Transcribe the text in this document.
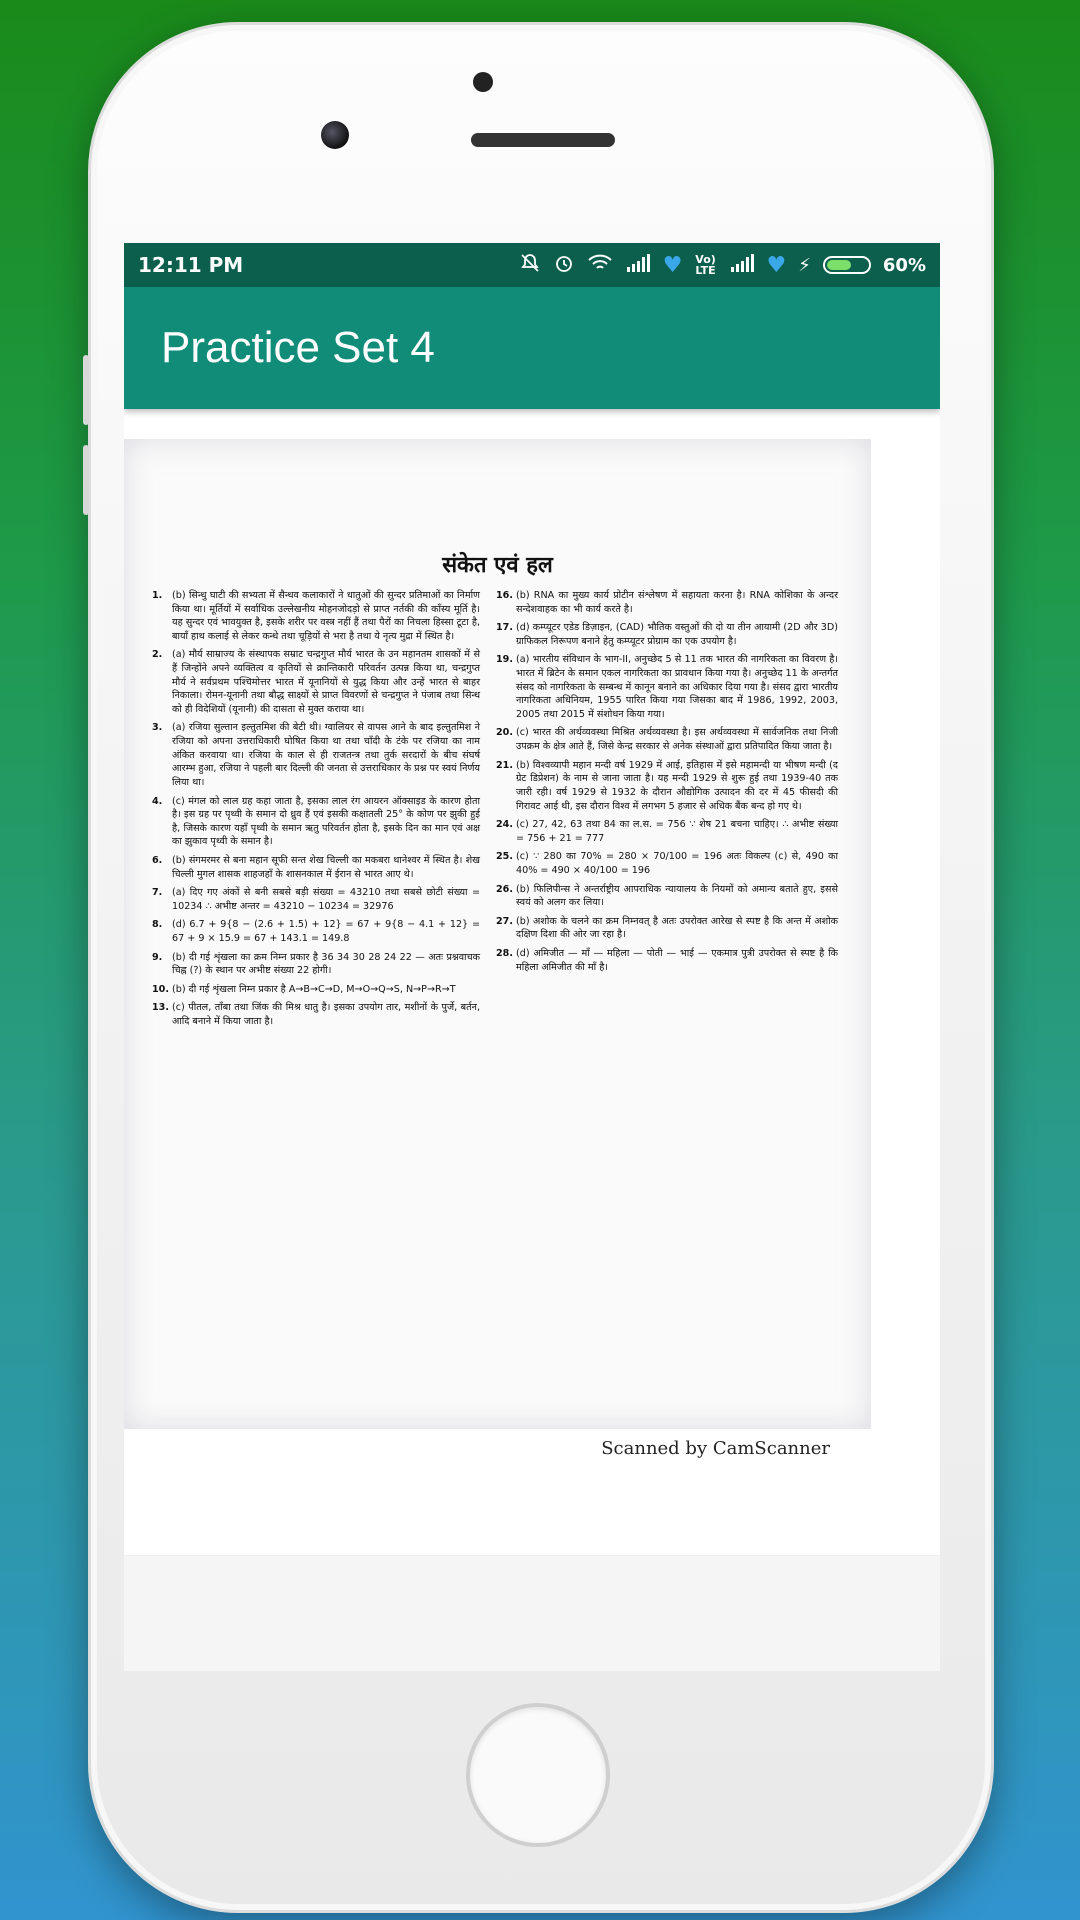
12:11 PM	♥ Vo) LTE ♥ ⚡	60%
Practice Set 4
संकेत एवं हल
1.	(b) सिन्धु घाटी की सभ्यता में सैन्धव कलाकारों ने धातुओं की सुन्दर प्रतिमाओं का निर्माण किया था। मूर्तियों में सर्वाधिक उल्लेखनीय मोहनजोदड़ो से प्राप्त नर्तकी की काँस्य मूर्ति है। यह सुन्दर एवं भावयुक्त है, इसके शरीर पर वस्त्र नहीं हैं तथा पैरों का निचला हिस्सा टूटा है, बायाँ हाथ कलाई से लेकर कन्धे तथा चूड़ियों से भरा है तथा ये नृत्य मुद्रा में स्थित है।
2.	(a) मौर्य साम्राज्य के संस्थापक सम्राट चन्द्रगुप्त मौर्य भारत के उन महानतम शासकों में से हैं जिन्होंने अपने व्यक्तित्व व कृतियों से क्रान्तिकारी परिवर्तन उत्पन्न किया था, चन्द्रगुप्त मौर्य ने सर्वप्रथम पश्चिमोत्तर भारत में यूनानियों से युद्ध किया और उन्हें भारत से बाहर निकाला। रोमन-यूनानी तथा बौद्ध साक्ष्यों से प्राप्त विवरणों से चन्द्रगुप्त ने पंजाब तथा सिन्ध को ही विदेशियों (यूनानी) की दासता से मुक्त कराया था।
3.	(a) रजिया सुल्तान इल्तुतमिश की बेटी थी। ग्वालियर से वापस आने के बाद इल्तुतमिश ने रजिया को अपना उत्तराधिकारी घोषित किया था तथा चाँदी के टंके पर रजिया का नाम अंकित करवाया था। रजिया के काल से ही राजतन्त्र तथा तुर्क सरदारों के बीच संघर्ष आरम्भ हुआ, रजिया ने पहली बार दिल्ली की जनता से उत्तराधिकार के प्रश्न पर स्वयं निर्णय लिया था।
4.	(c) मंगल को लाल ग्रह कहा जाता है, इसका लाल रंग आयरन ऑक्साइड के कारण होता है। इस ग्रह पर पृथ्वी के समान दो ध्रुव हैं एवं इसकी कक्षातली 25° के कोण पर झुकी हुई है, जिसके कारण यहाँ पृथ्वी के समान ऋतु परिवर्तन होता है, इसके दिन का मान एवं अक्ष का झुकाव पृथ्वी के समान है।
6.	(b) संगमरमर से बना महान सूफी सन्त शेख चिल्ली का मकबरा थानेश्वर में स्थित है। शेख चिल्ली मुगल शासक शाहजहाँ के शासनकाल में ईरान से भारत आए थे।
7.	(a) दिए गए अंकों से बनी सबसे बड़ी संख्या = 43210 तथा सबसे छोटी संख्या = 10234 ∴ अभीष्ट अन्तर = 43210 − 10234 = 32976
8.	(d) 6.7 + 9{8 − (2.6 + 1.5) + 12} = 67 + 9{8 − 4.1 + 12} = 67 + 9 × 15.9 = 67 + 143.1 = 149.8
9.	(b) दी गई शृंखला का क्रम निम्न प्रकार है 36 34 30 28 24 22 — अतः प्रश्नवाचक चिह्न (?) के स्थान पर अभीष्ट संख्या 22 होगी।
10. (b) दी गई शृंखला निम्न प्रकार है A→B→C→D, M→O→Q→S, N→P→R→T
13. (c) पीतल, ताँबा तथा जिंक की मिश्र धातु है। इसका उपयोग तार, मशीनों के पुर्जे, बर्तन, आदि बनाने में किया जाता है।
16. (b) RNA का मुख्य कार्य प्रोटीन संश्लेषण में सहायता करना है। RNA कोशिका के अन्दर सन्देशवाहक का भी कार्य करते है।
17. (d) कम्प्यूटर एडेड डिज़ाइन, (CAD) भौतिक वस्तुओं की दो या तीन आयामी (2D और 3D) ग्राफिकल निरूपण बनाने हेतु कम्प्यूटर प्रोग्राम का एक उपयोग है।
19. (a) भारतीय संविधान के भाग-II, अनुच्छेद 5 से 11 तक भारत की नागरिकता का विवरण है। भारत में ब्रिटेन के समान एकल नागरिकता का प्रावधान किया गया है। अनुच्छेद 11 के अन्तर्गत संसद को नागरिकता के सम्बन्ध में कानून बनाने का अधिकार दिया गया है। संसद द्वारा भारतीय नागरिकता अधिनियम, 1955 पारित किया गया जिसका बाद में 1986, 1992, 2003, 2005 तथा 2015 में संशोधन किया गया।
20. (c) भारत की अर्थव्यवस्था मिश्रित अर्थव्यवस्था है। इस अर्थव्यवस्था में सार्वजनिक तथा निजी उपक्रम के क्षेत्र आते हैं, जिसे केन्द्र सरकार से अनेक संस्थाओं द्वारा प्रतिपादित किया जाता है।
21. (b) विश्वव्यापी महान मन्दी वर्ष 1929 में आई, इतिहास में इसे महामन्दी या भीषण मन्दी (द ग्रेट डिप्रेशन) के नाम से जाना जाता है। यह मन्दी 1929 से शुरू हुई तथा 1939-40 तक जारी रही। वर्ष 1929 से 1932 के दौरान औद्योगिक उत्पादन की दर में 45 फीसदी की गिरावट आई थी, इस दौरान विश्व में लगभग 5 हजार से अधिक बैंक बन्द हो गए थे।
24. (c) 27, 42, 63 तथा 84 का ल.स. = 756 ∵ शेष 21 बचना चाहिए। ∴ अभीष्ट संख्या = 756 + 21 = 777
25. (c) ∵ 280 का 70% = 280 × 70/100 = 196 अतः विकल्प (c) से, 490 का 40% = 490 × 40/100 = 196
26. (b) फिलिपीन्स ने अन्तर्राष्ट्रीय आपराधिक न्यायालय के नियमों को अमान्य बताते हुए, इससे स्वयं को अलग कर लिया।
27. (b) अशोक के चलने का क्रम निम्नवत् है अतः उपरोक्त आरेख से स्पष्ट है कि अन्त में अशोक दक्षिण दिशा की ओर जा रहा है।
28. (d) अमिजीत — माँ — महिला — पोती — भाई — एकमात्र पुत्री उपरोक्त से स्पष्ट है कि महिला अमिजीत की माँ है।
Scanned by CamScanner
